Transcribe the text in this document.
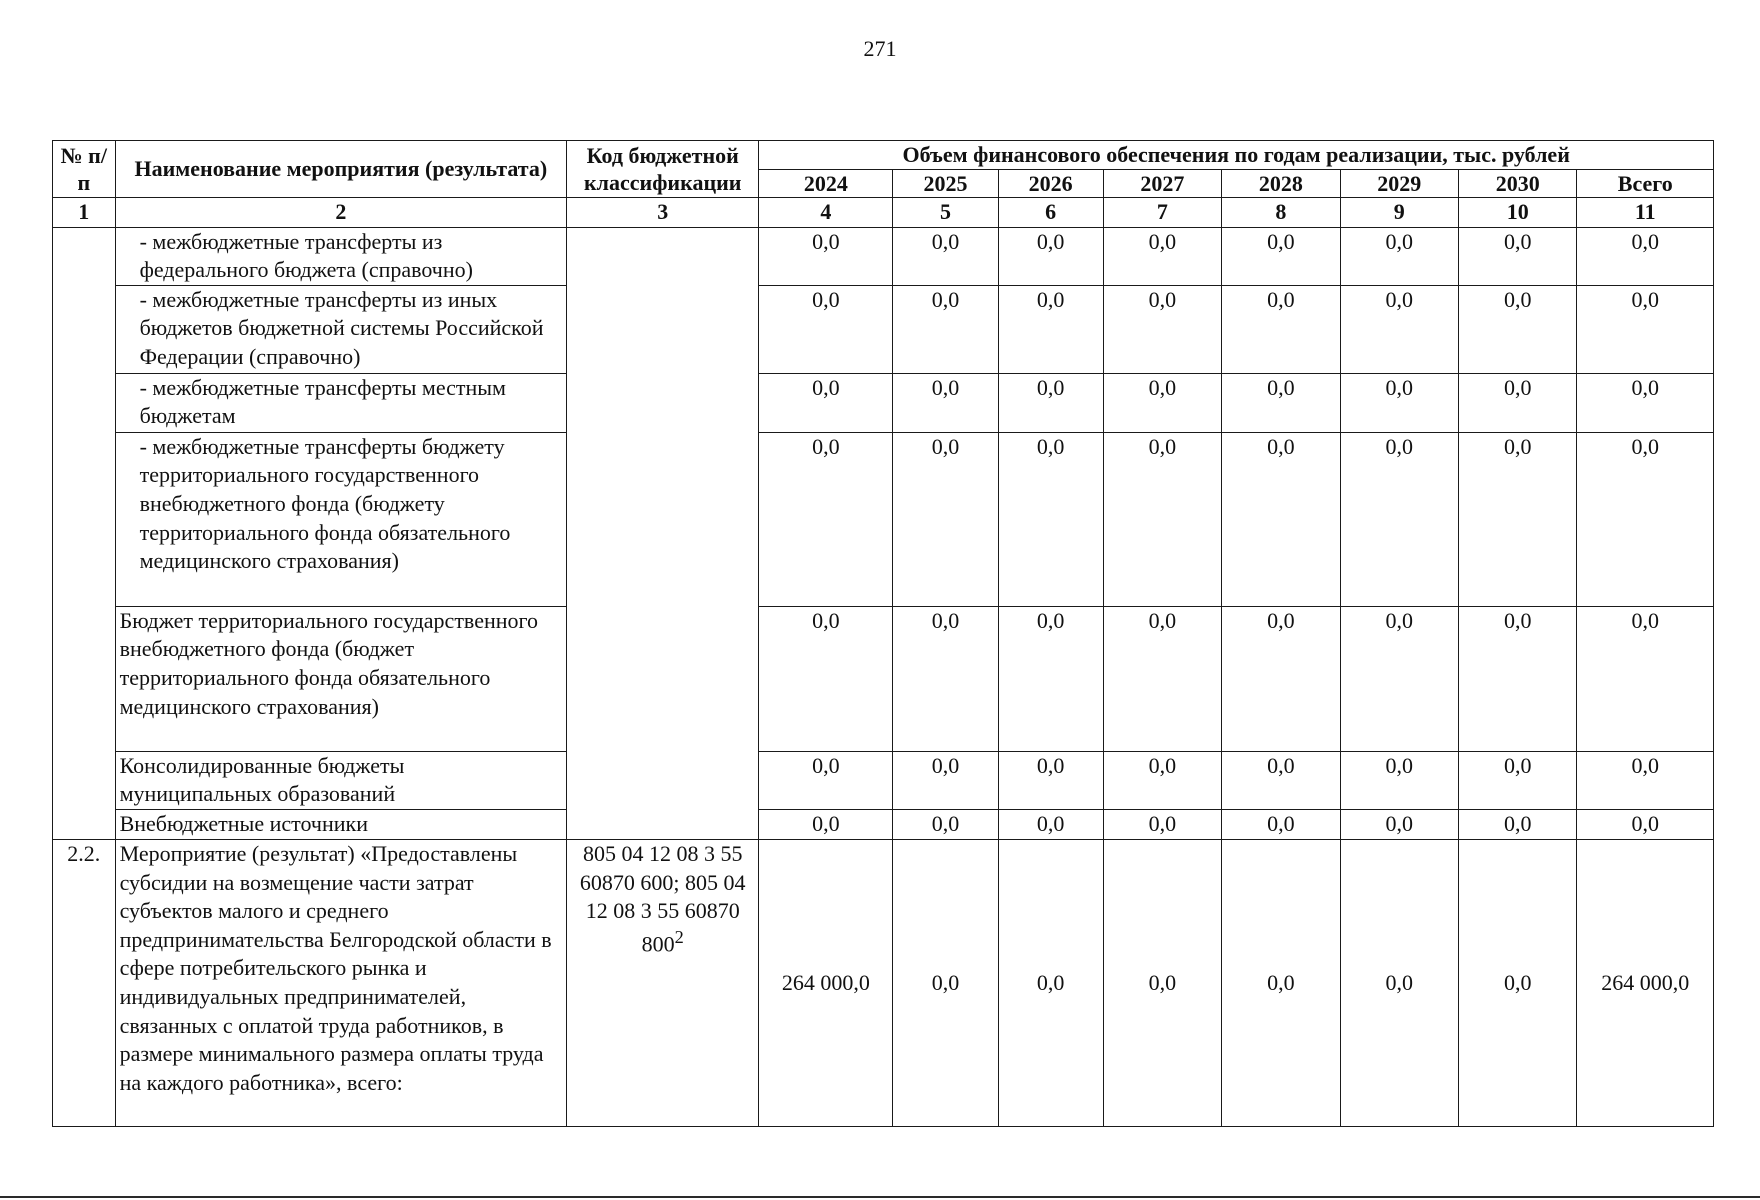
271
№ п/п	Наименование мероприятия (результата)	Код бюджетной классификации	Объем финансового обеспечения по годам реализации, тыс. рублей							
			2024	2025	2026	2027	2028	2029	2030	Всего
1	2	3	4	5	6	7	8	9	10	11
	- межбюджетные трансферты из федерального бюджета (справочно)		0,0	0,0	0,0	0,0	0,0	0,0	0,0	0,0
	- межбюджетные трансферты из иных бюджетов бюджетной системы Российской Федерации (справочно)		0,0	0,0	0,0	0,0	0,0	0,0	0,0	0,0
	- межбюджетные трансферты местным бюджетам		0,0	0,0	0,0	0,0	0,0	0,0	0,0	0,0
	- межбюджетные трансферты бюджету территориального государственного внебюджетного фонда (бюджету территориального фонда обязательного медицинского страхования)		0,0	0,0	0,0	0,0	0,0	0,0	0,0	0,0
	Бюджет территориального государственного внебюджетного фонда (бюджет территориального фонда обязательного медицинского страхования)		0,0	0,0	0,0	0,0	0,0	0,0	0,0	0,0
	Консолидированные бюджеты муниципальных образований		0,0	0,0	0,0	0,0	0,0	0,0	0,0	0,0
	Внебюджетные источники		0,0	0,0	0,0	0,0	0,0	0,0	0,0	0,0
2.2.	Мероприятие (результат) «Предоставлены субсидии на возмещение части затрат субъектов малого и среднего предпринимательства Белгородской области в сфере потребительского рынка и индивидуальных предпринимателей, связанных с оплатой труда работников, в размере минимального размера оплаты труда на каждого работника», всего:	805 04 12 08 3 55 60870 600; 805 04 12 08 3 55 60870 $800^2$	264 000,0	0,0	0,0	0,0	0,0	0,0	0,0	264 000,0
